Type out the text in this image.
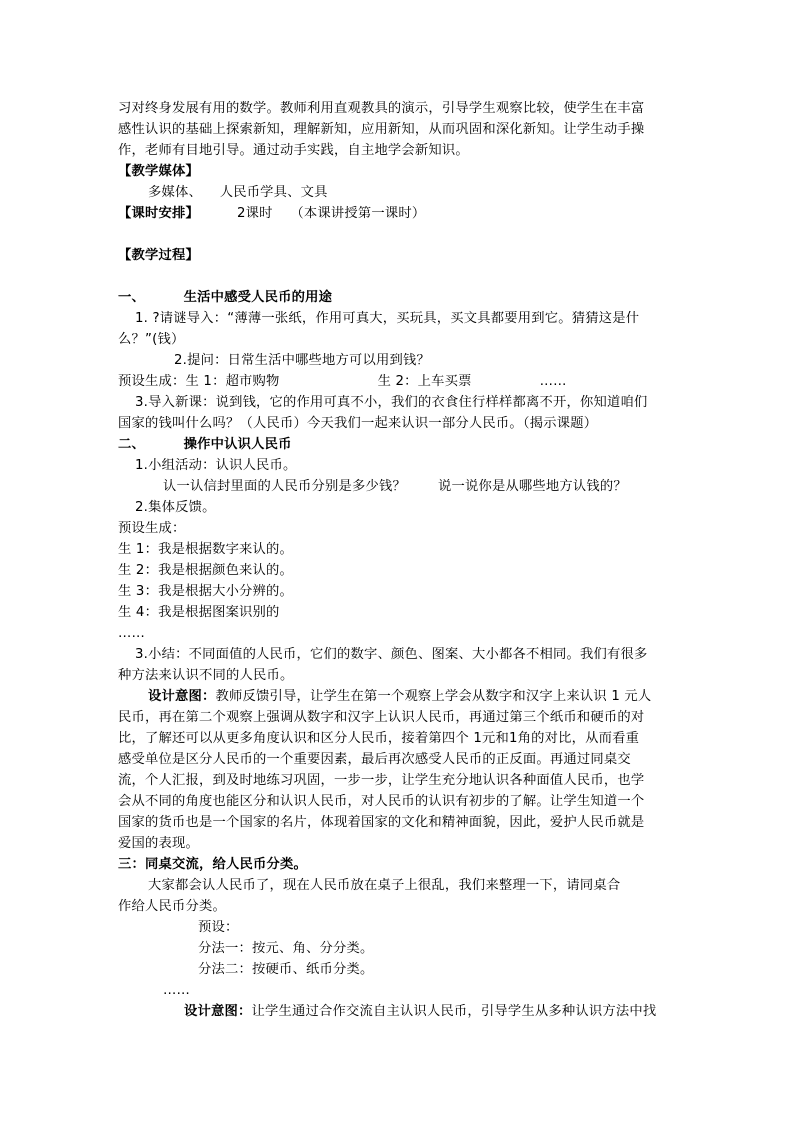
习对终身发展有用的数学。教师利用直观教具的演示，引导学生观察比较，使学生在丰富
感性认识的基础上探索新知，理解新知，应用新知，从而巩固和深化新知。让学生动手操
作，老师有目地引导。通过动手实践，自主地学会新知识。
【教学媒体】
多媒体、    人民币学具、文具
【课时安排】	2课时    （本课讲授第一课时）
【教学过程】
一、        生活中感受人民币的用途
1. ?请谜导入：“薄薄一张纸，作用可真大，买玩具，买文具都要用到它。猜猜这是什
么？”(钱）
2.提问：日常生活中哪些地方可以用到钱？
预设生成：生 1：超市购物	生 2：上车买票	……
3.导入新课：说到钱，它的作用可真不小，我们的衣食住行样样都离不开，你知道咱们
国家的钱叫什么吗？（人民币）今天我们一起来认识一部分人民币。（揭示课题）
二、        操作中认识人民币
1.小组活动：认识人民币。
认一认信封里面的人民币分别是多少钱？ 说一说你是从哪些地方认钱的？
2.集体反馈。
预设生成：
生 1：我是根据数字来认的。
生 2：我是根据颜色来认的。
生 3：我是根据大小分辨的。
生 4：我是根据图案识别的
……
3.小结：不同面值的人民币，它们的数字、颜色、图案、大小都各不相同。我们有很多
种方法来认识不同的人民币。
设计意图：教师反馈引导，让学生在第一个观察上学会从数字和汉字上来认识 1 元人
民币，再在第二个观察上强调从数字和汉字上认识人民币，再通过第三个纸币和硬币的对
比，了解还可以从更多角度认识和区分人民币，接着第四个 1元和1角的对比，从而看重
感受单位是区分人民币的一个重要因素，最后再次感受人民币的正反面。再通过同桌交
流，个人汇报，到及时地练习巩固，一步一步，让学生充分地认识各种面值人民币，也学
会从不同的角度也能区分和认识人民币，对人民币的认识有初步的了解。让学生知道一个
国家的货币也是一个国家的名片，体现着国家的文化和精神面貌，因此，爱护人民币就是
爱国的表现。
三：同桌交流，给人民币分类。
大家都会认人民币了，现在人民币放在桌子上很乱，我们来整理一下，请同桌合
作给人民币分类。
预设：
分法一：按元、角、分分类。
分法二：按硬币、纸币分类。
……
设计意图：让学生通过合作交流自主认识人民币，引导学生从多种认识方法中找
